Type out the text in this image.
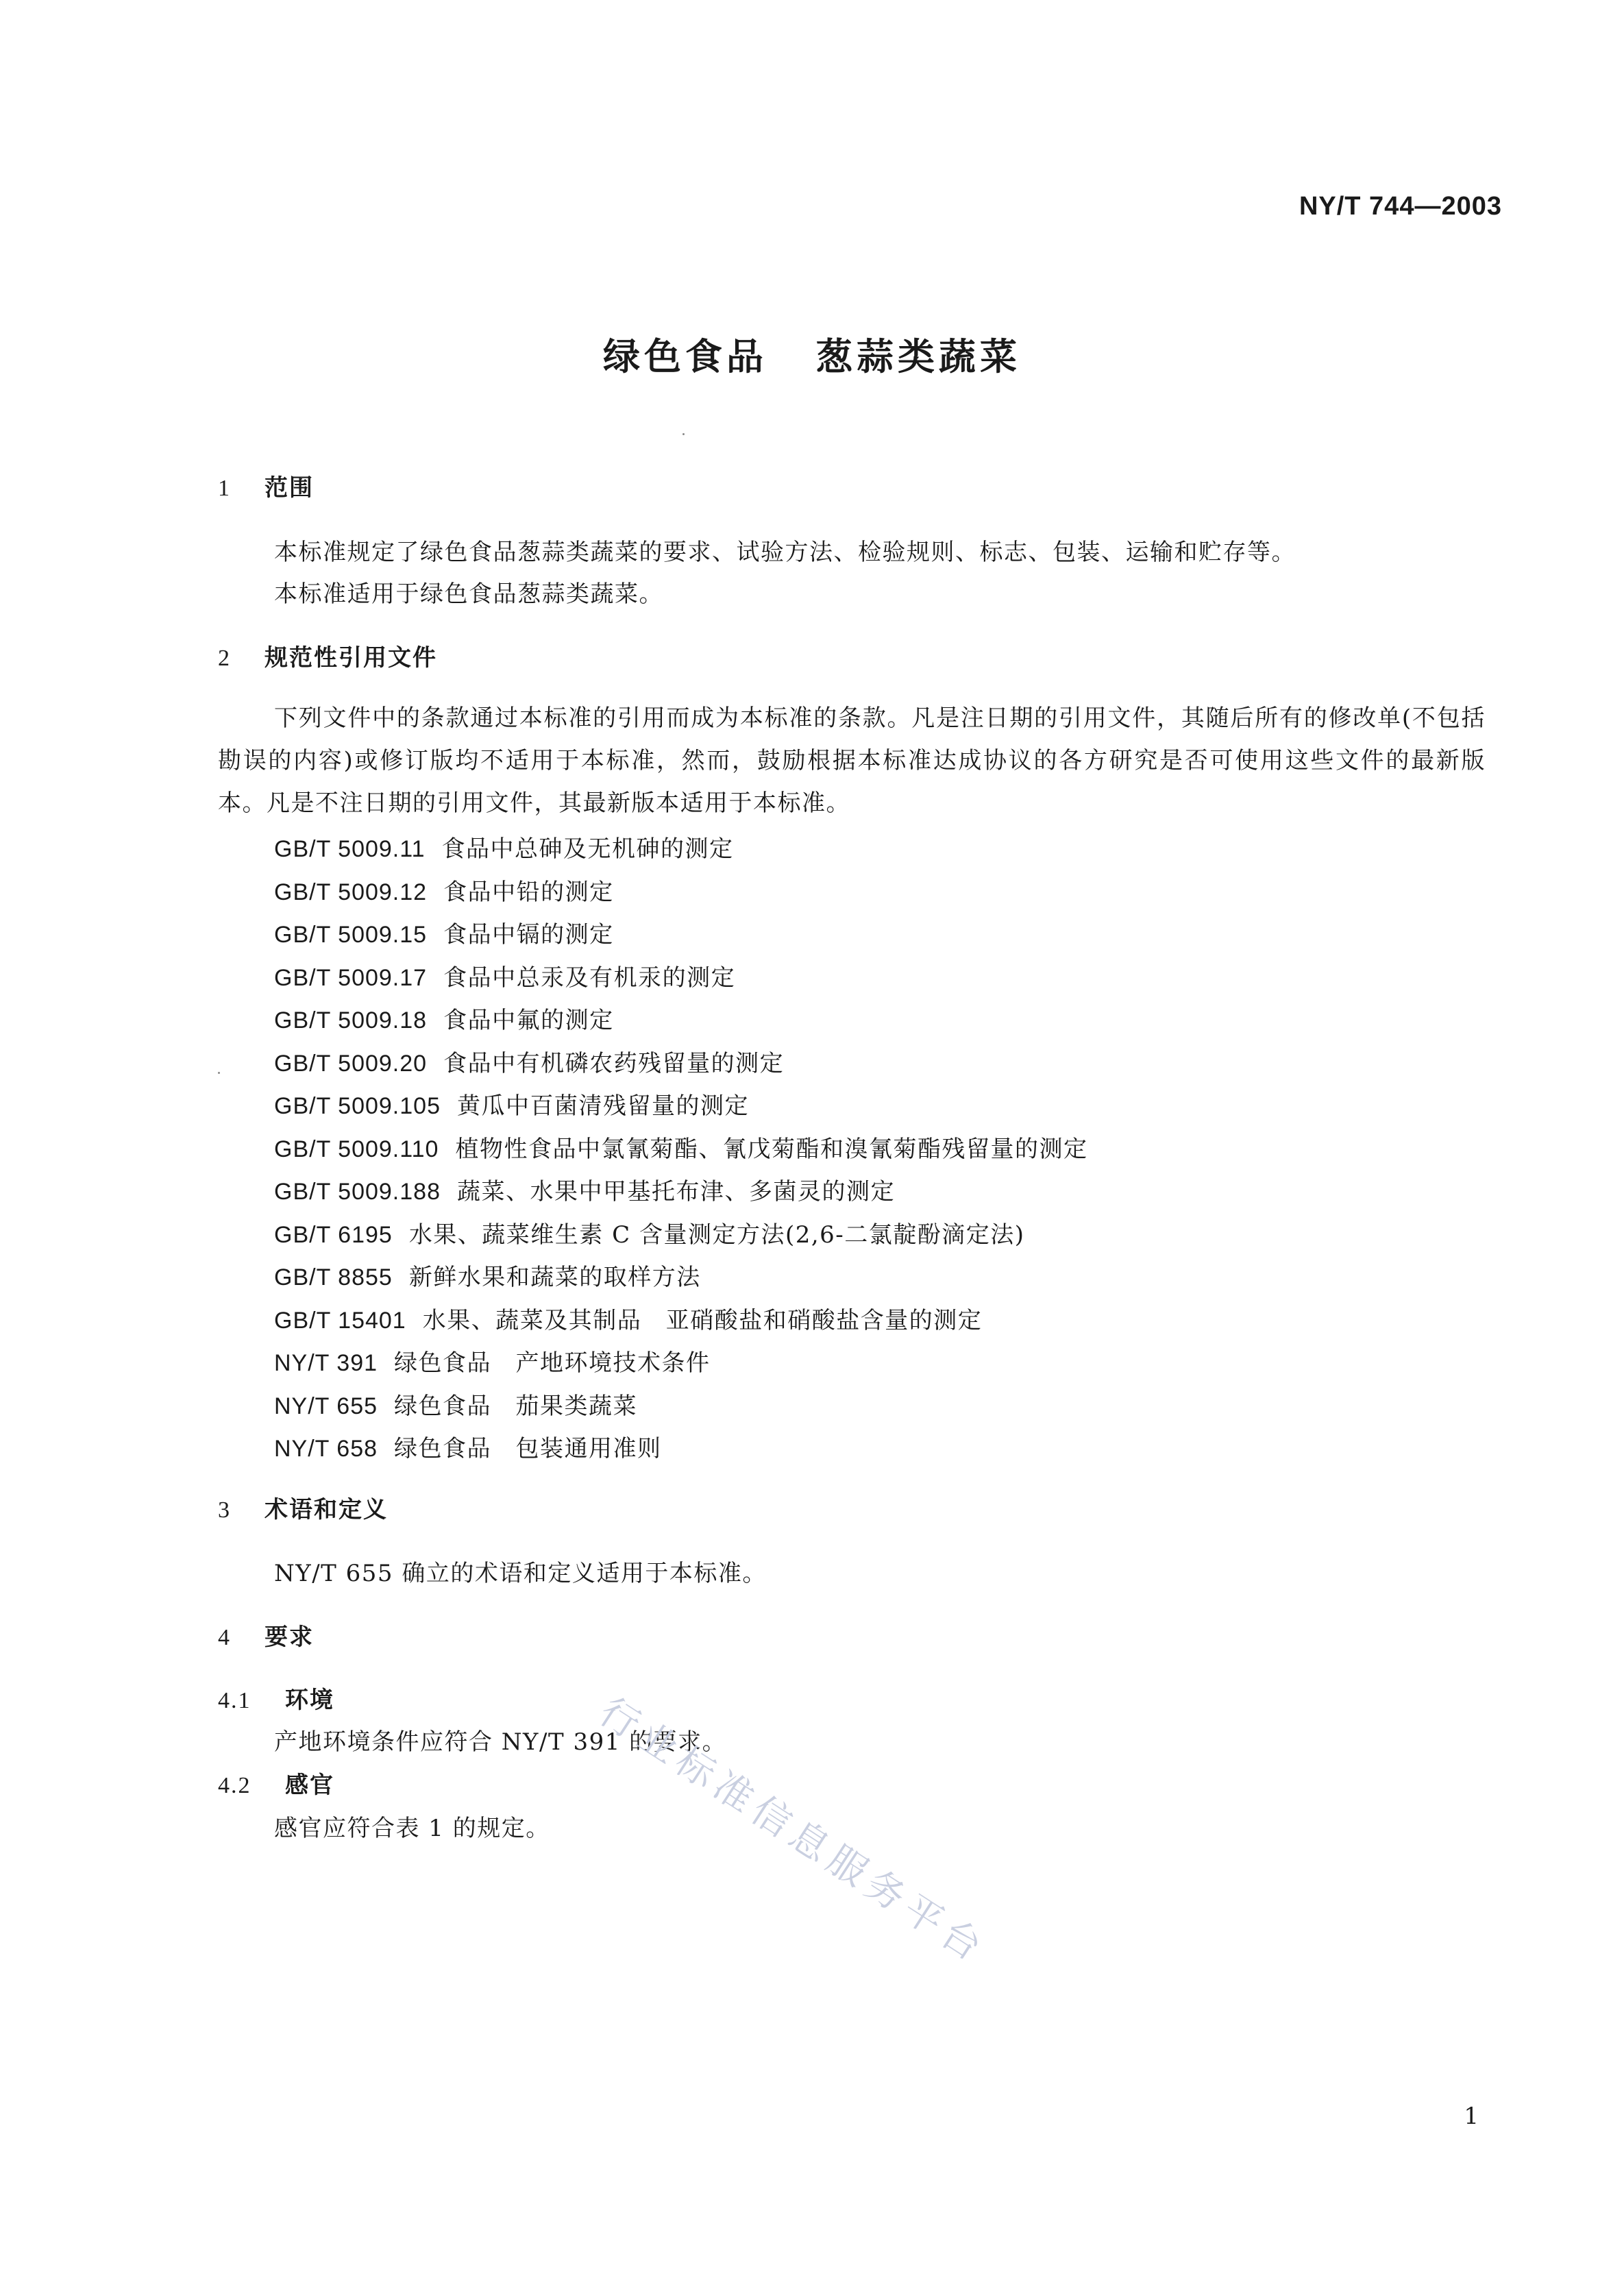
NY/T 744—2003
绿色食品 葱蒜类蔬菜
1 范围
本标准规定了绿色食品葱蒜类蔬菜的要求、试验方法、检验规则、标志、包装、运输和贮存等。
本标准适用于绿色食品葱蒜类蔬菜。
2 规范性引用文件
下列文件中的条款通过本标准的引用而成为本标准的条款。凡是注日期的引用文件，其随后所有的修改单(不包括勘误的内容)或修订版均不适用于本标准，然而，鼓励根据本标准达成协议的各方研究是否可使用这些文件的最新版本。凡是不注日期的引用文件，其最新版本适用于本标准。
GB/T 5009.11 食品中总砷及无机砷的测定
GB/T 5009.12 食品中铅的测定
GB/T 5009.15 食品中镉的测定
GB/T 5009.17 食品中总汞及有机汞的测定
GB/T 5009.18 食品中氟的测定
GB/T 5009.20 食品中有机磷农药残留量的测定
GB/T 5009.105 黄瓜中百菌清残留量的测定
GB/T 5009.110 植物性食品中氯氰菊酯、氰戊菊酯和溴氰菊酯残留量的测定
GB/T 5009.188 蔬菜、水果中甲基托布津、多菌灵的测定
GB/T 6195 水果、蔬菜维生素 C 含量测定方法(2,6-二氯靛酚滴定法)
GB/T 8855 新鲜水果和蔬菜的取样方法
GB/T 15401 水果、蔬菜及其制品　亚硝酸盐和硝酸盐含量的测定
NY/T 391 绿色食品　产地环境技术条件
NY/T 655 绿色食品　茄果类蔬菜
NY/T 658 绿色食品　包装通用准则
3 术语和定义
NY/T 655 确立的术语和定义适用于本标准。
4 要求
4.1 环境
产地环境条件应符合 NY/T 391 的要求。
4.2 感官
感官应符合表 1 的规定。 行业标准信息服务平台
1
